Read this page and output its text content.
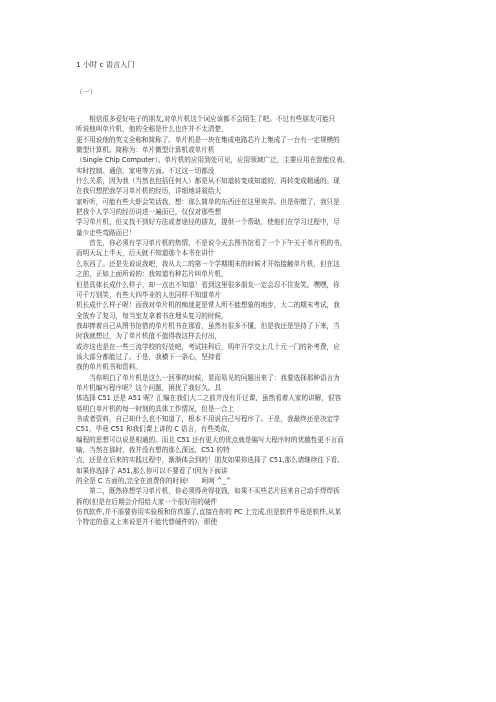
1 小时 c 语言入门
（一）
　　相信很多爱好电子的朋友,对单片机这个词应该都不会陌生了吧。不过有些朋友可能只
听说他叫单片机，他的全称是什么也许并不太清楚，
更不用说他的英文全称和简称了。单片机是一块在集成电路芯片上集成了一台有一定规模的
微型计算机。简称为：单片微型计算机或单片机
（Single Chip Computer）。单片机的应用到处可见，应用领域广泛，主要应用在智能仪表、
实时控制、通信、家电等方面。不过这一切都没
什么关系，因为我（当然也包括任何人）都是从不知道转变成知道的，再转变成精通的。现
在我只想把我学习单片机的经历，详细地讲叙给大
家听听，可能有些大虾会笑话我，想：那么简单的东西还在这里卖弄。但是你错了，我只是
把我个人学习的经历讲述一遍而已，仅仅对那些想
学习单片机，但又找不到好方法或者途径的朋友，提供一个帮助，使他们在学习过程中，尽
量少走些弯路而已！
　　首先，你必须有学习单片机的热情，不是说今天去图书馆看了一个下午关于单片机的书，
而明天玩上半天，后天就不知道那个本书在讲什
么东西了。还是先说说我吧，我从大二的第一个学期期末的时候才开始接触单片机，但在这
之前，正如上面所说的：我知道有种芯片叫单片机，
但是具体长成什么样子，却一点也不知道！看到这里很多朋友一定会忍不住发笑。嘿嘿，你
可千万别笑，有些大四毕业的人也同样不知道单片
机长成什么样子呢！而我对单片机的痴迷更是常人所不能想象的地步，大二的期末考试，我
全放弃了复习，每当室友拿着书在埋头复习的时候，
我却捧着自己从图书馆借的单片机书在那看，虽然有很多不懂，但是我还是坚持了下来，当
时我就想过，为了单片机值不值得我这样去付出，
或许这也是在一些三流学校的好处吧，考试挂科后，明年开学交上几十元一门的补考费，应
该大部分都能过了。于是，我横下一条心，坚持看
我的单片机书和资料。
　　当你明白了单片机是这么一回事的时候，显而易见的问题出来了：我要选择那种语言为
单片机编写程序呢？这个问题，困扰了我好久。具
体选择 C51 还是 A51 呢？汇编在我们大二之前并没有开过课，虽然看着人家的讲解，很容
易明白单片机的每一时刻的具体工作情况，但是一合上
书或者资料，自己却什么也不知道了，根本不用说自己写程序了。于是，我最终还是决定学
C51，毕竟 C51 和我们课上讲的 C 语言，有些类似，
编程的思想可以说是相通的。而且 C51 还有更大的优点就是编写大程序时的优越性更不言而
喻，当然在那时，我并没有想的那么深远，C51 的特
点，还是在后来的实践过程中，渐渐体会到的！朋友如果你选择了 C51,那么请继续往下看,
如果你选择了 A51,那么你可以不要看了!因为下面讲
的全是 C 方面的,完全在浪费你的时间!　　呵呵 ^_^
　　第二，既然你想学习单片机，你必须得舍得花钱，如果不买些芯片回来自己动手焊焊拆
拆的(但是在后期会介绍给大家一个很好用的硬件
仿真软件,并不需要你用实验板和仿真器了,直接在你的 PC 上完成,但是软件毕竟是软件,从某
个特定的意义上来说是并不能代替硬件的)，即使
